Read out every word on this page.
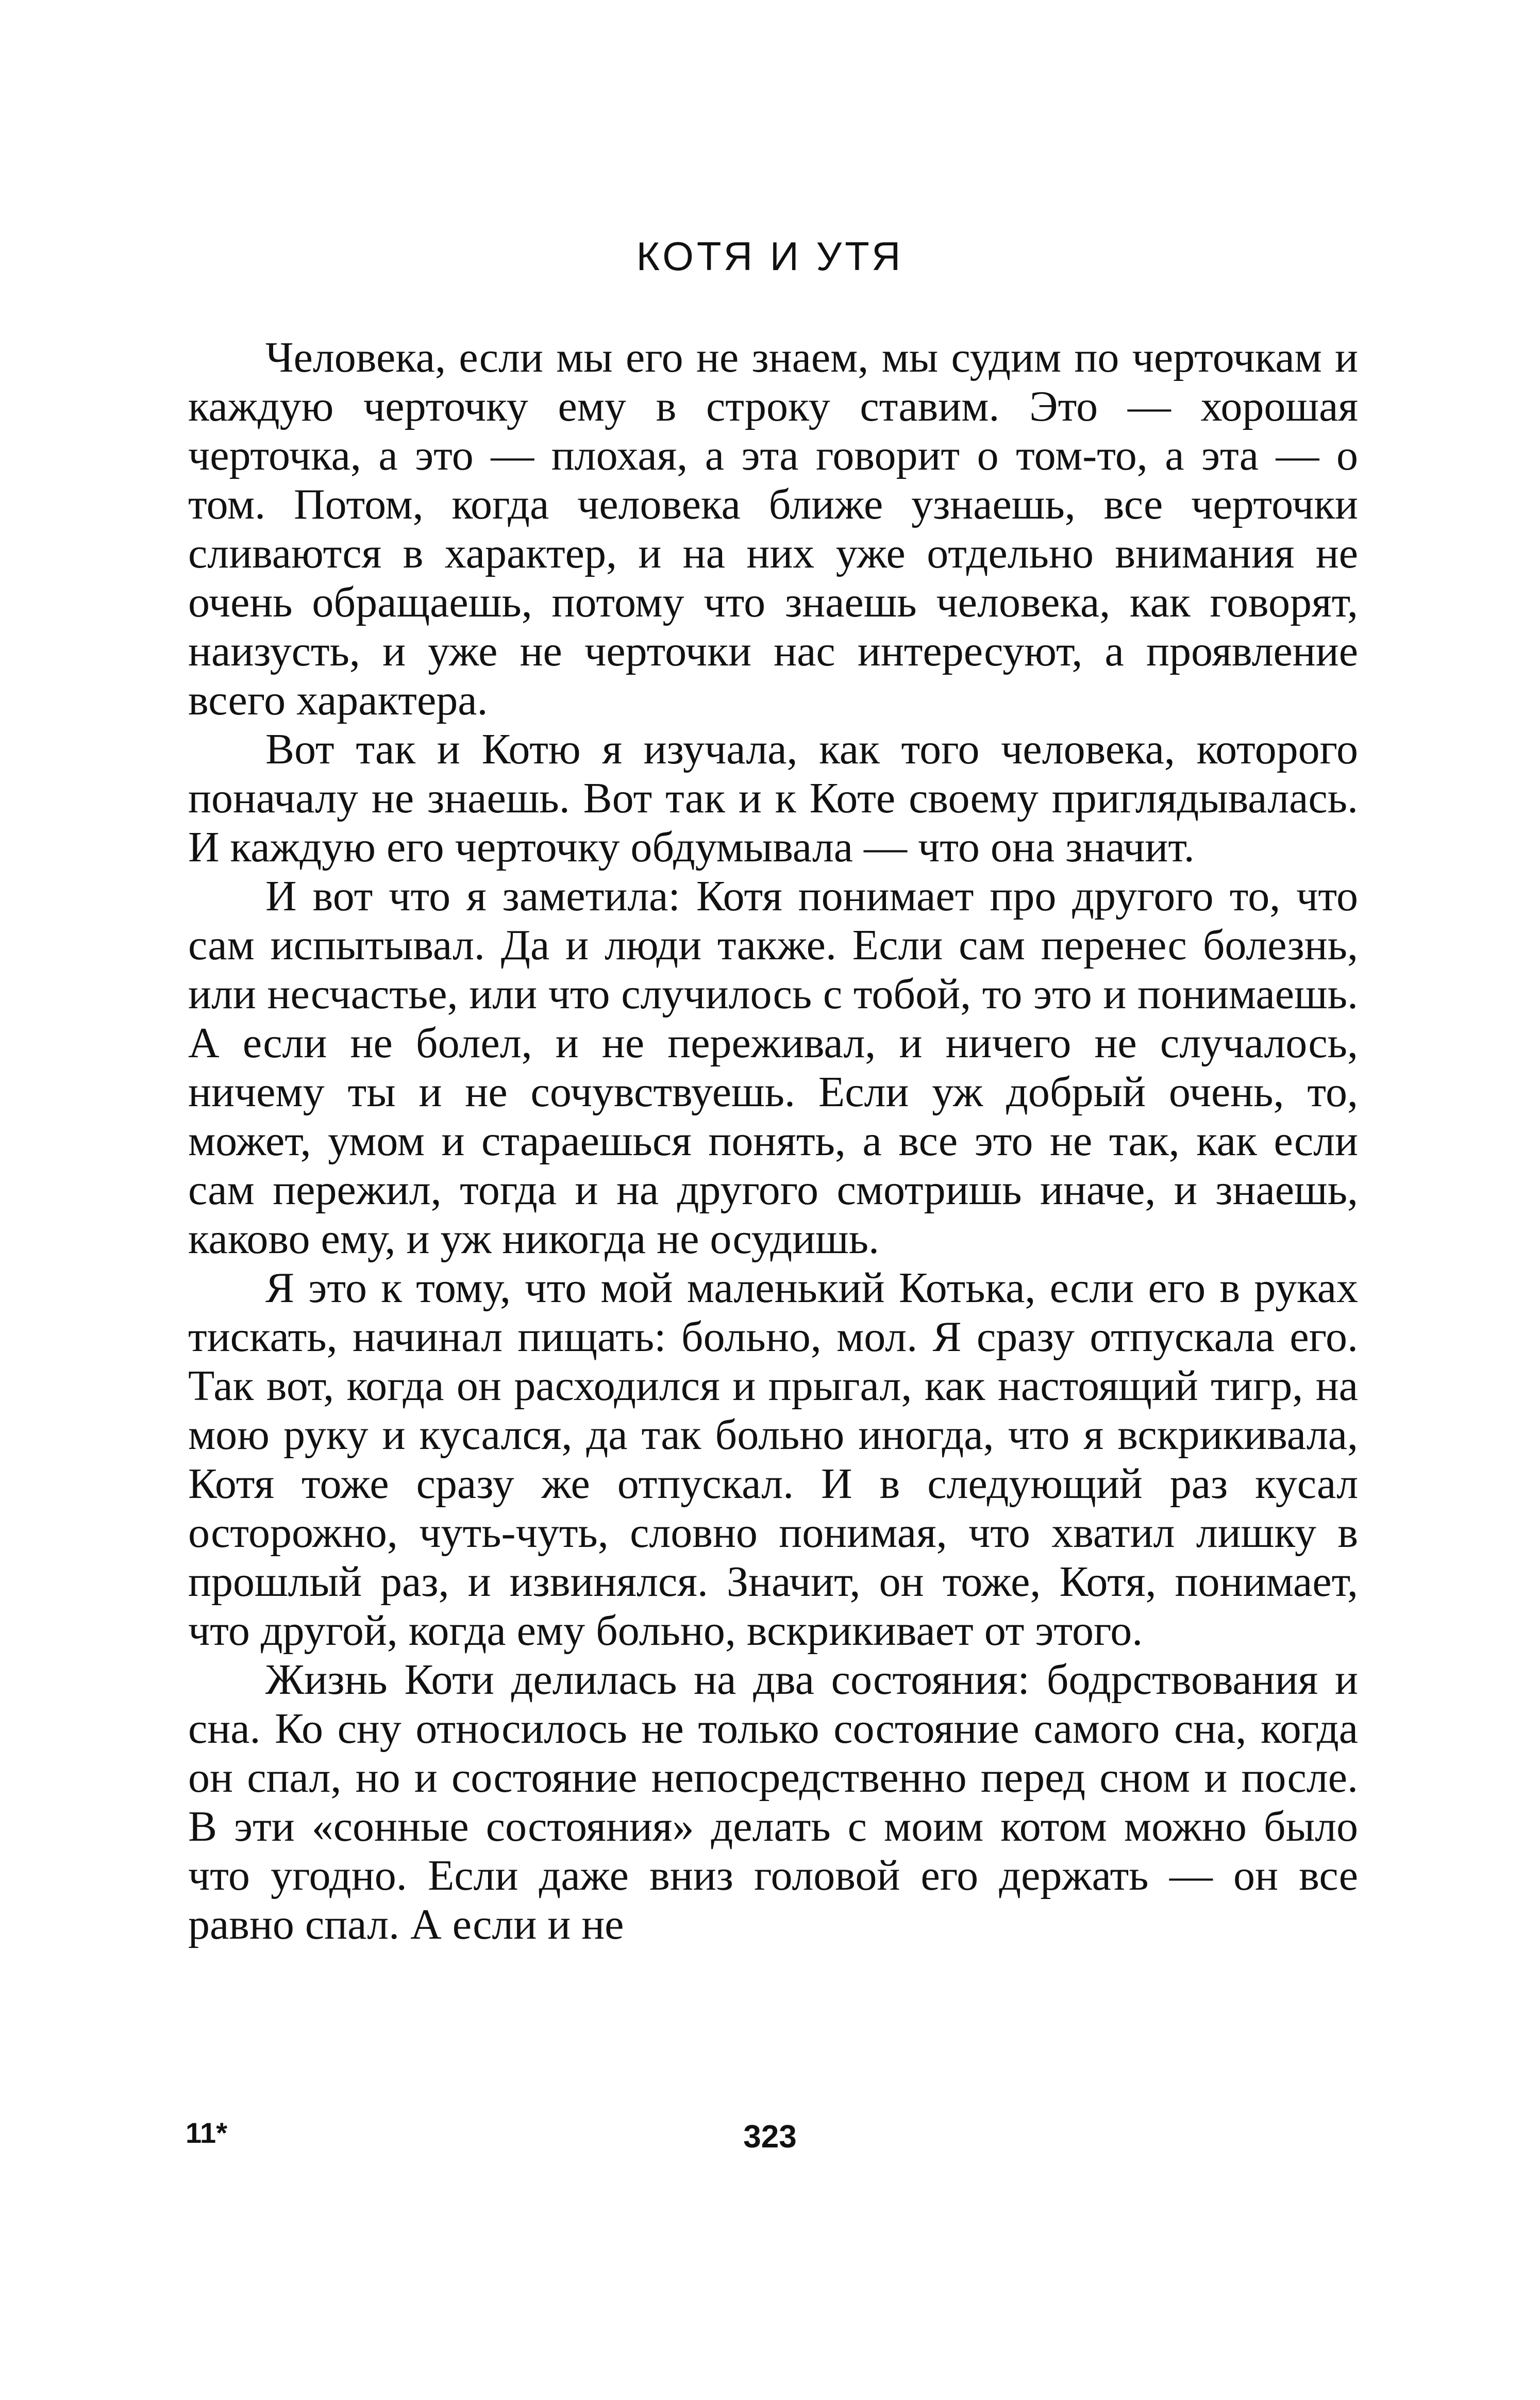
КОТЯ И УТЯ

Человека, если мы его не знаем, мы судим по черточкам и каждую черточку ему в строку ставим. Это — хорошая черточка, а это — плохая, а эта говорит о том-то, а эта — о том. Потом, когда человека ближе узнаешь, все черточки сливаются в характер, и на них уже отдельно внимания не очень обращаешь, потому что знаешь человека, как говорят, наизусть, и уже не черточки нас интересуют, а проявление всего характера.

Вот так и Котю я изучала, как того человека, которого поначалу не знаешь. Вот так и к Коте своему приглядывалась. И каждую его черточку обдумывала — что она значит.

И вот что я заметила: Котя понимает про другого то, что сам испытывал. Да и люди также. Если сам перенес болезнь, или несчастье, или что случилось с тобой, то это и понимаешь. А если не болел, и не переживал, и ничего не случалось, ничему ты и не сочувствуешь. Если уж добрый очень, то, может, умом и стараешься понять, а все это не так, как если сам пережил, тогда и на другого смотришь иначе, и знаешь, каково ему, и уж никогда не осудишь.

Я это к тому, что мой маленький Котька, если его в руках тискать, начинал пищать: больно, мол. Я сразу отпускала его. Так вот, когда он расходился и прыгал, как настоящий тигр, на мою руку и кусался, да так больно иногда, что я вскрикивала, Котя тоже сразу же отпускал. И в следующий раз кусал осторожно, чуть-чуть, словно понимая, что хватил лишку в прошлый раз, и извинялся. Значит, он тоже, Котя, понимает, что другой, когда ему больно, вскрикивает от этого.

Жизнь Коти делилась на два состояния: бодрствования и сна. Ко сну относилось не только состояние самого сна, когда он спал, но и состояние непосредственно перед сном и после. В эти «сонные состояния» делать с моим котом можно было что угодно. Если даже вниз головой его держать — он все равно спал. А если и не

11*	323
